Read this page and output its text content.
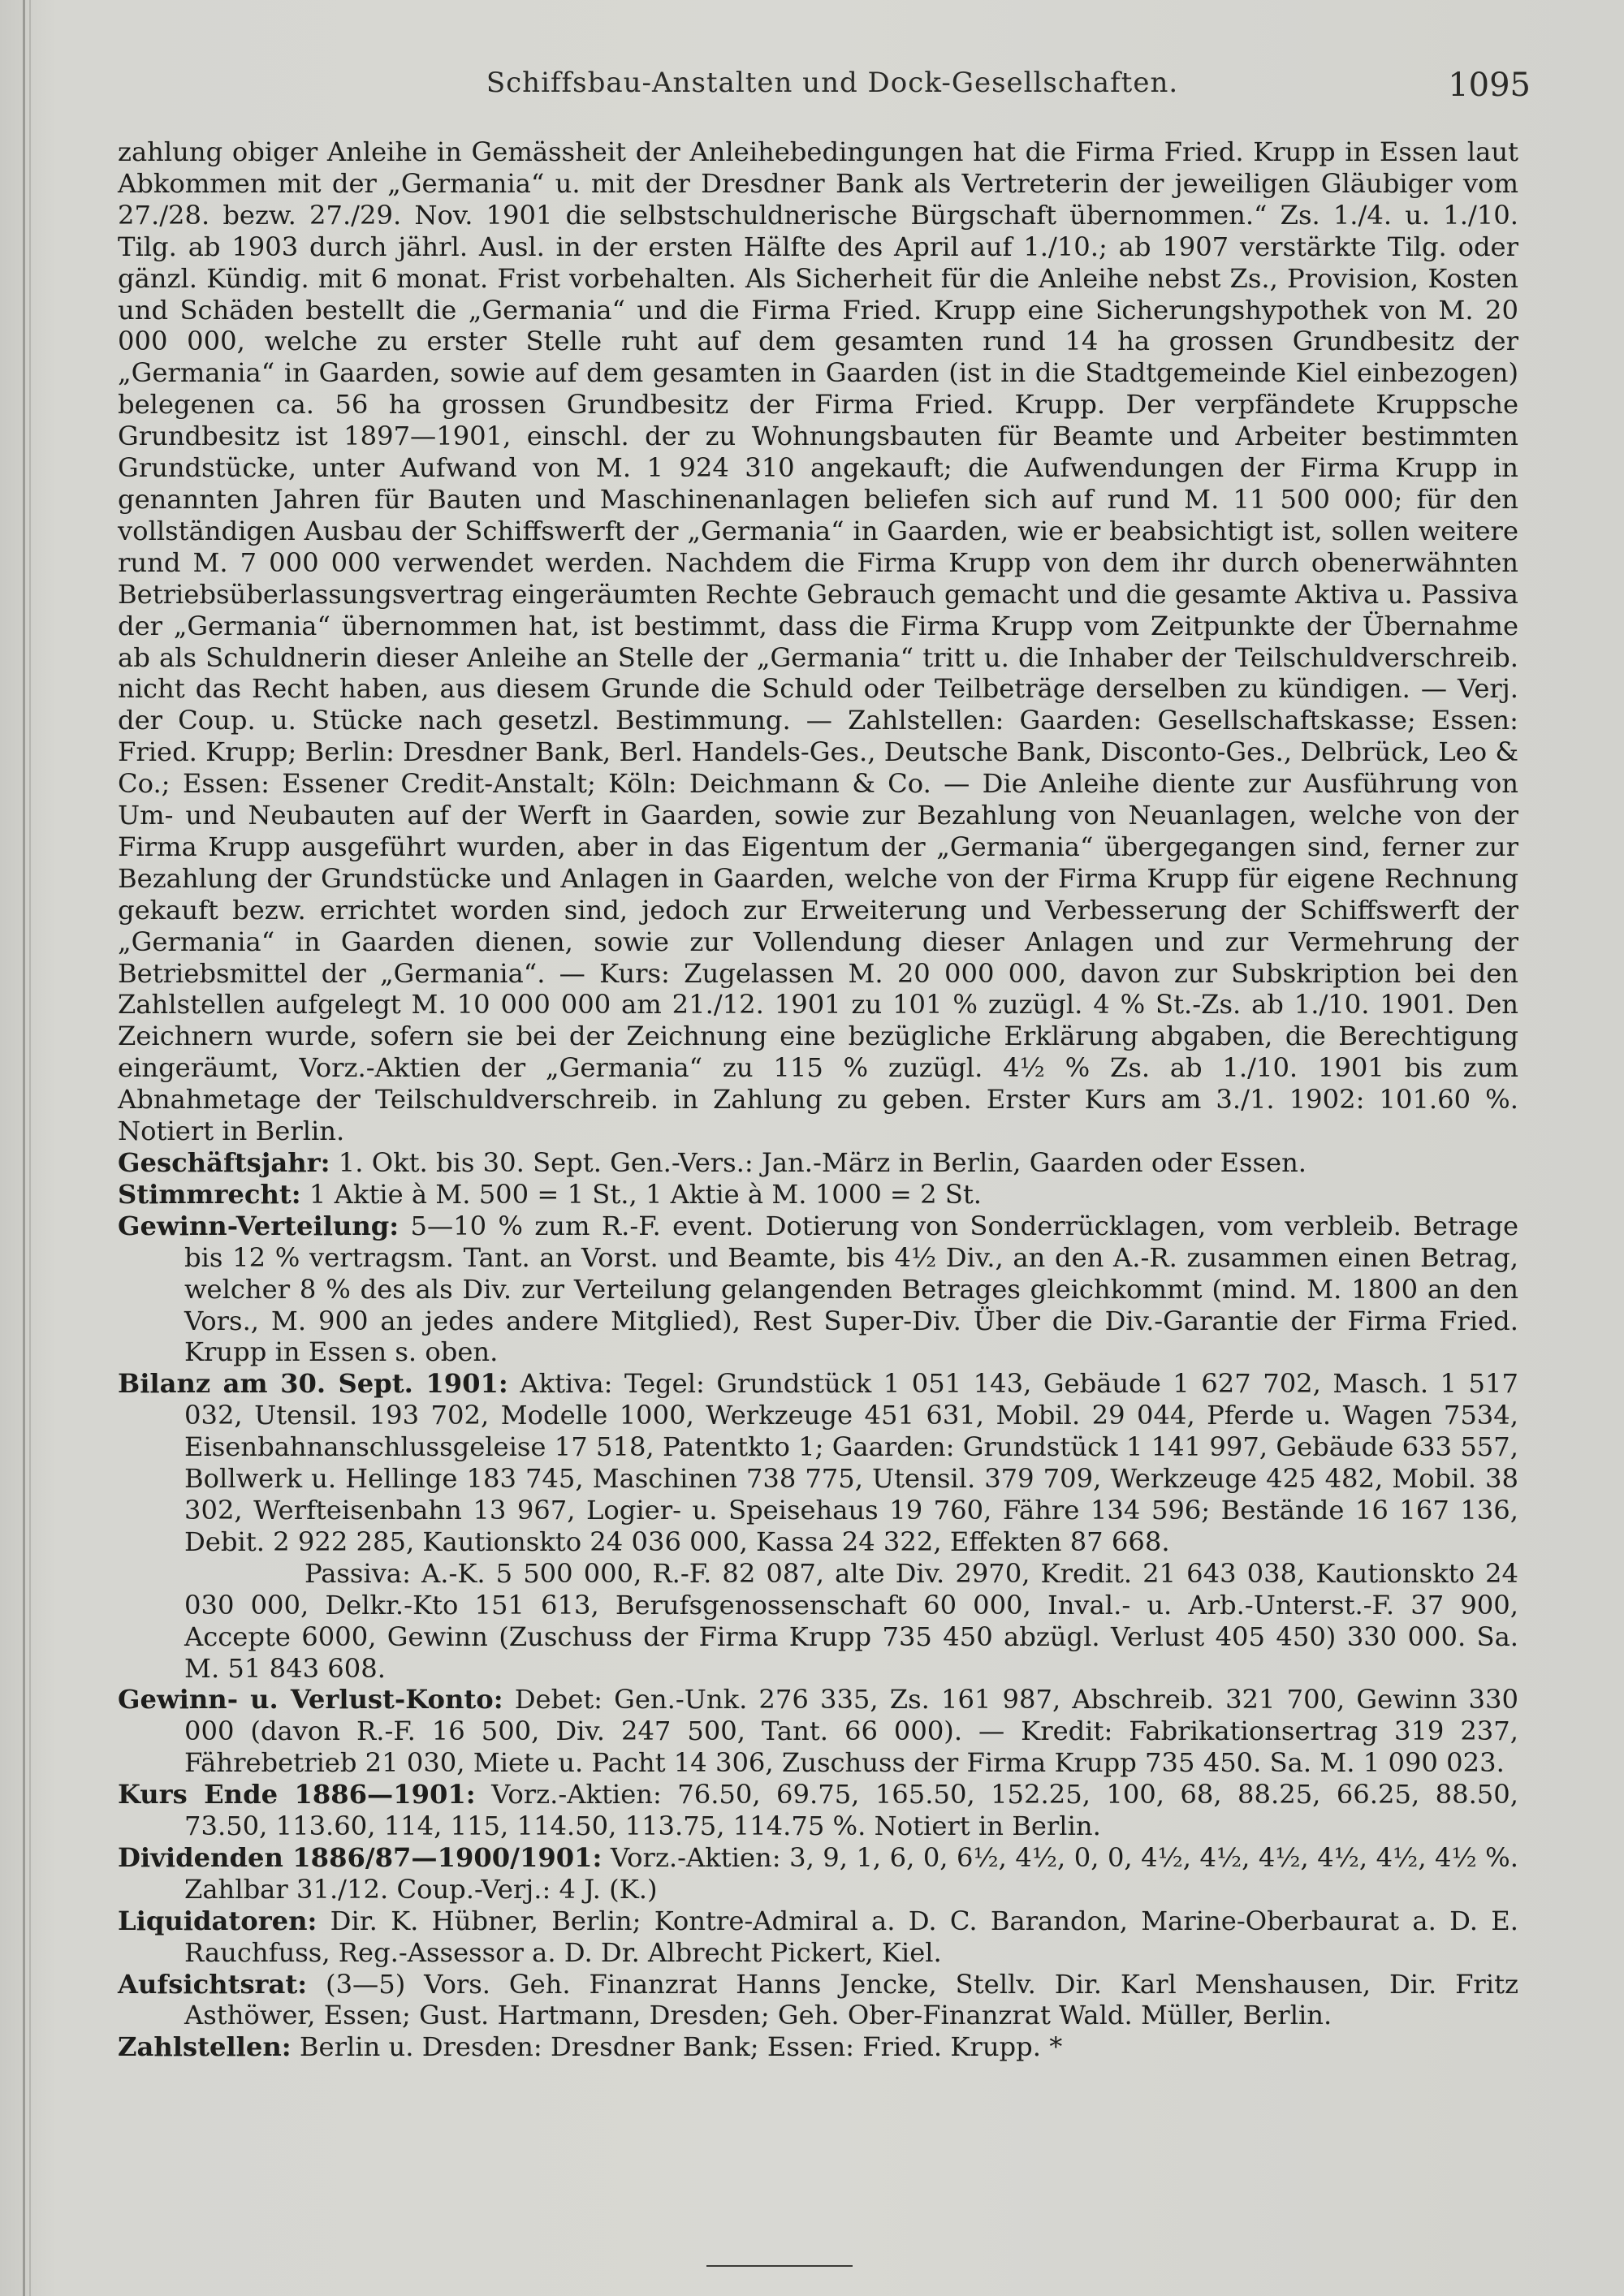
Schiffsbau-Anstalten und Dock-Gesellschaften.	1095

zahlung obiger Anleihe in Gemässheit der Anleihebedingungen hat die Firma Fried. Krupp in Essen laut Abkommen mit der „Germania“ u. mit der Dresdner Bank als Vertreterin der jeweiligen Gläubiger vom 27./28. bezw. 27./29. Nov. 1901 die selbstschuldnerische Bürgschaft übernommen.“ Zs. 1./4. u. 1./10. Tilg. ab 1903 durch jährl. Ausl. in der ersten Hälfte des April auf 1./10.; ab 1907 verstärkte Tilg. oder gänzl. Kündig. mit 6 monat. Frist vorbehalten. Als Sicherheit für die Anleihe nebst Zs., Provision, Kosten und Schäden bestellt die „Germania“ und die Firma Fried. Krupp eine Sicherungshypothek von M. 20 000 000, welche zu erster Stelle ruht auf dem gesamten rund 14 ha grossen Grundbesitz der „Germania“ in Gaarden, sowie auf dem gesamten in Gaarden (ist in die Stadtgemeinde Kiel einbezogen) belegenen ca. 56 ha grossen Grundbesitz der Firma Fried. Krupp. Der verpfändete Kruppsche Grundbesitz ist 1897—1901, einschl. der zu Wohnungsbauten für Beamte und Arbeiter bestimmten Grundstücke, unter Aufwand von M. 1 924 310 angekauft; die Aufwendungen der Firma Krupp in genannten Jahren für Bauten und Maschinenanlagen beliefen sich auf rund M. 11 500 000; für den vollständigen Ausbau der Schiffswerft der „Germania“ in Gaarden, wie er beabsichtigt ist, sollen weitere rund M. 7 000 000 verwendet werden. Nachdem die Firma Krupp von dem ihr durch obenerwähnten Betriebsüberlassungsvertrag eingeräumten Rechte Gebrauch gemacht und die gesamte Aktiva u. Passiva der „Germania“ übernommen hat, ist bestimmt, dass die Firma Krupp vom Zeitpunkte der Übernahme ab als Schuldnerin dieser Anleihe an Stelle der „Germania“ tritt u. die Inhaber der Teilschuldverschreib. nicht das Recht haben, aus diesem Grunde die Schuld oder Teilbeträge derselben zu kündigen. — Verj. der Coup. u. Stücke nach gesetzl. Bestimmung. — Zahlstellen: Gaarden: Gesellschaftskasse; Essen: Fried. Krupp; Berlin: Dresdner Bank, Berl. Handels-Ges., Deutsche Bank, Disconto-Ges., Delbrück, Leo & Co.; Essen: Essener Credit-Anstalt; Köln: Deichmann & Co. — Die Anleihe diente zur Ausführung von Um- und Neubauten auf der Werft in Gaarden, sowie zur Bezahlung von Neuanlagen, welche von der Firma Krupp ausgeführt wurden, aber in das Eigentum der „Germania“ übergegangen sind, ferner zur Bezahlung der Grundstücke und Anlagen in Gaarden, welche von der Firma Krupp für eigene Rechnung gekauft bezw. errichtet worden sind, jedoch zur Erweiterung und Verbesserung der Schiffswerft der „Germania“ in Gaarden dienen, sowie zur Vollendung dieser Anlagen und zur Vermehrung der Betriebsmittel der „Germania“. — Kurs: Zugelassen M. 20 000 000, davon zur Subskription bei den Zahlstellen aufgelegt M. 10 000 000 am 21./12. 1901 zu 101 % zuzügl. 4 % St.-Zs. ab 1./10. 1901. Den Zeichnern wurde, sofern sie bei der Zeichnung eine bezügliche Erklärung abgaben, die Berechtigung eingeräumt, Vorz.-Aktien der „Germania“ zu 115 % zuzügl. 4½ % Zs. ab 1./10. 1901 bis zum Abnahmetage der Teilschuldverschreib. in Zahlung zu geben. Erster Kurs am 3./1. 1902: 101.60 %. Notiert in Berlin.

Geschäftsjahr: 1. Okt. bis 30. Sept. Gen.-Vers.: Jan.-März in Berlin, Gaarden oder Essen.

Stimmrecht: 1 Aktie à M. 500 = 1 St., 1 Aktie à M. 1000 = 2 St.

Gewinn-Verteilung: 5—10 % zum R.-F. event. Dotierung von Sonderrücklagen, vom verbleib. Betrage bis 12 % vertragsm. Tant. an Vorst. und Beamte, bis 4½ Div., an den A.-R. zusammen einen Betrag, welcher 8 % des als Div. zur Verteilung gelangenden Betrages gleichkommt (mind. M. 1800 an den Vors., M. 900 an jedes andere Mitglied), Rest Super-Div. Über die Div.-Garantie der Firma Fried. Krupp in Essen s. oben.

Bilanz am 30. Sept. 1901: Aktiva: Tegel: Grundstück 1 051 143, Gebäude 1 627 702, Masch. 1 517 032, Utensil. 193 702, Modelle 1000, Werkzeuge 451 631, Mobil. 29 044, Pferde u. Wagen 7534, Eisenbahnanschlussgeleise 17 518, Patentkto 1; Gaarden: Grundstück 1 141 997, Gebäude 633 557, Bollwerk u. Hellinge 183 745, Maschinen 738 775, Utensil. 379 709, Werkzeuge 425 482, Mobil. 38 302, Werfteisenbahn 13 967, Logier- u. Speisehaus 19 760, Fähre 134 596; Bestände 16 167 136, Debit. 2 922 285, Kautionskto 24 036 000, Kassa 24 322, Effekten 87 668.

Passiva: A.-K. 5 500 000, R.-F. 82 087, alte Div. 2970, Kredit. 21 643 038, Kautionskto 24 030 000, Delkr.-Kto 151 613, Berufsgenossenschaft 60 000, Inval.- u. Arb.-Unterst.-F. 37 900, Accepte 6000, Gewinn (Zuschuss der Firma Krupp 735 450 abzügl. Verlust 405 450) 330 000. Sa. M. 51 843 608.

Gewinn- u. Verlust-Konto: Debet: Gen.-Unk. 276 335, Zs. 161 987, Abschreib. 321 700, Gewinn 330 000 (davon R.-F. 16 500, Div. 247 500, Tant. 66 000). — Kredit: Fabrikationsertrag 319 237, Fährebetrieb 21 030, Miete u. Pacht 14 306, Zuschuss der Firma Krupp 735 450. Sa. M. 1 090 023.

Kurs Ende 1886—1901: Vorz.-Aktien: 76.50, 69.75, 165.50, 152.25, 100, 68, 88.25, 66.25, 88.50, 73.50, 113.60, 114, 115, 114.50, 113.75, 114.75 %. Notiert in Berlin.

Dividenden 1886/87—1900/1901: Vorz.-Aktien: 3, 9, 1, 6, 0, 6½, 4½, 0, 0, 4½, 4½, 4½, 4½, 4½, 4½ %. Zahlbar 31./12. Coup.-Verj.: 4 J. (K.)

Liquidatoren: Dir. K. Hübner, Berlin; Kontre-Admiral a. D. C. Barandon, Marine-Oberbaurat a. D. E. Rauchfuss, Reg.-Assessor a. D. Dr. Albrecht Pickert, Kiel.

Aufsichtsrat: (3—5) Vors. Geh. Finanzrat Hanns Jencke, Stellv. Dir. Karl Menshausen, Dir. Fritz Asthöwer, Essen; Gust. Hartmann, Dresden; Geh. Ober-Finanzrat Wald. Müller, Berlin.

Zahlstellen: Berlin u. Dresden: Dresdner Bank; Essen: Fried. Krupp. *
